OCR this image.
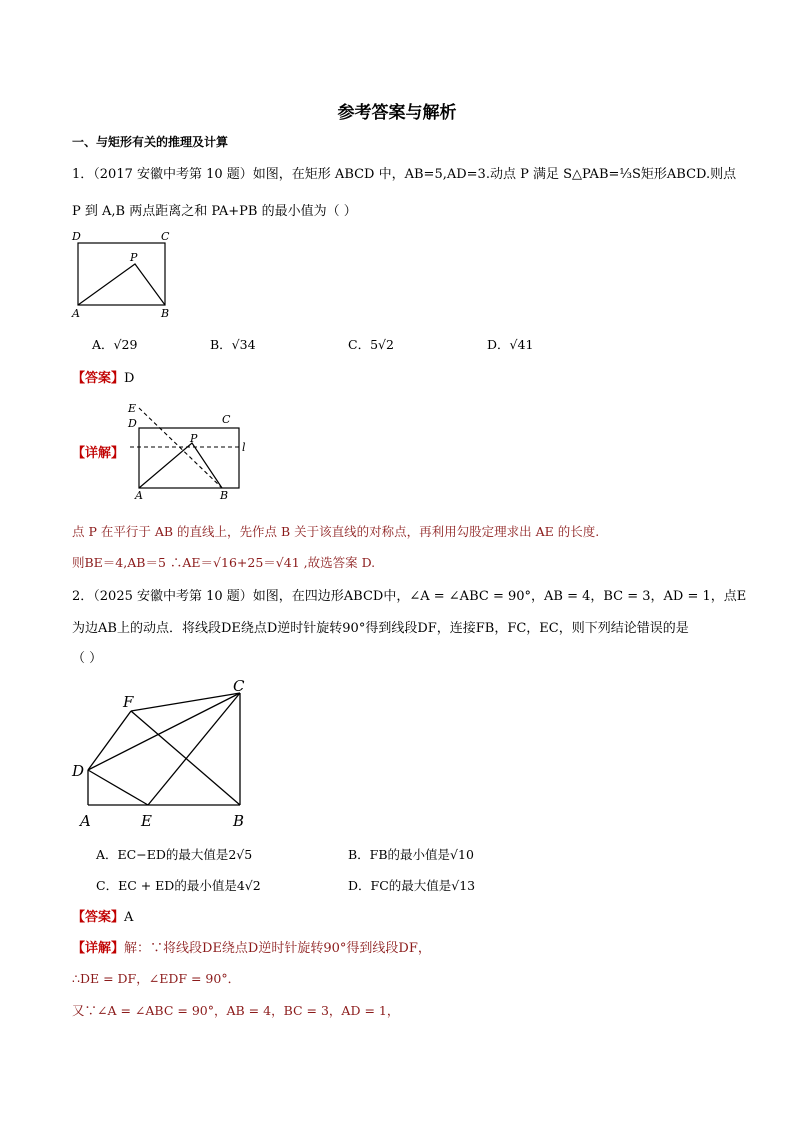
参考答案与解析
一、与矩形有关的推理及计算
1．（2017 安徽中考第 10 题）如图，在矩形 ABCD 中，AB=5,AD=3.动点 P 满足 S△PAB=⅓S矩形ABCD.则点
P 到 A,B 两点距离之和 PA+PB 的最小值为（ ）
D	C
P
A	B
A．√29	B．√34	C．5√2	D．√41
【答案】D
【详解】
E
D	C
P
l
A	B
点 P 在平行于 AB 的直线上，先作点 B 关于该直线的对称点，再利用勾股定理求出 AE 的长度.
则BE＝4,AB＝5 ∴AE＝√16+25＝√41 ,故选答案 D.
2．（2025 安徽中考第 10 题）如图，在四边形ABCD中，∠A = ∠ABC = 90°，AB = 4，BC = 3，AD = 1，点E
为边AB上的动点．将线段DE绕点D逆时针旋转90°得到线段DF，连接FB，FC，EC，则下列结论错误的是
（ ）
F
C
D
A	E	B
A．EC−ED的最大值是2√5	B．FB的最小值是√10
C．EC + ED的最小值是4√2	D．FC的最大值是√13
【答案】A
【详解】解：∵将线段DE绕点D逆时针旋转90°得到线段DF，
∴DE = DF，∠EDF = 90°．
又∵∠A = ∠ABC = 90°，AB = 4，BC = 3，AD = 1，
